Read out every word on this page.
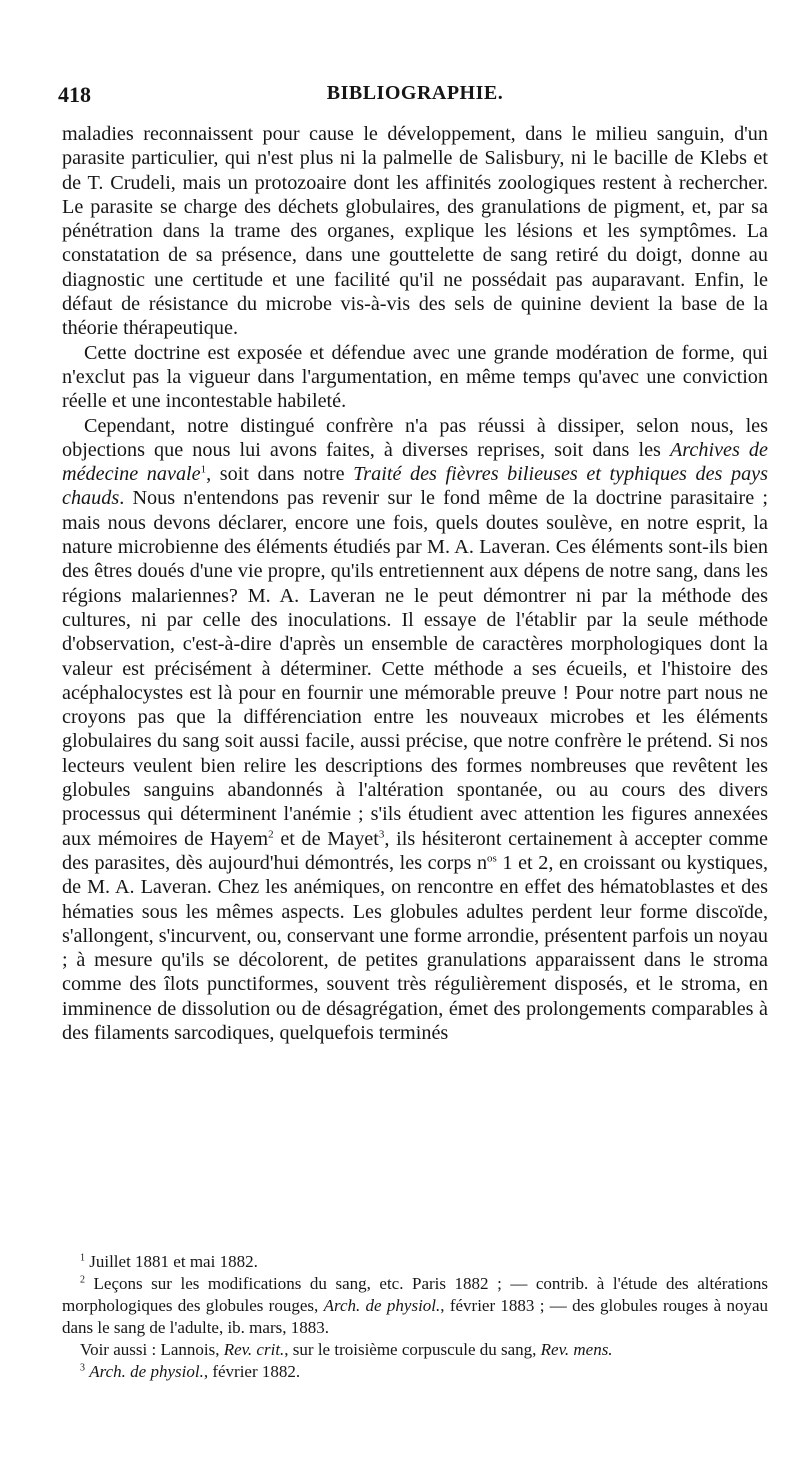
418	BIBLIOGRAPHIE.

maladies reconnaissent pour cause le développement, dans le milieu sanguin, d'un parasite particulier, qui n'est plus ni la palmelle de Salisbury, ni le bacille de Klebs et de T. Crudeli, mais un protozoaire dont les affinités zoologiques restent à rechercher. Le parasite se charge des déchets globulaires, des granulations de pigment, et, par sa pénétration dans la trame des organes, explique les lésions et les symptômes. La constatation de sa présence, dans une gouttelette de sang retiré du doigt, donne au diagnostic une certitude et une facilité qu'il ne possédait pas auparavant. Enfin, le défaut de résistance du microbe vis-à-vis des sels de quinine devient la base de la théorie thérapeutique.

Cette doctrine est exposée et défendue avec une grande modération de forme, qui n'exclut pas la vigueur dans l'argumentation, en même temps qu'avec une conviction réelle et une incontestable habileté.

Cependant, notre distingué confrère n'a pas réussi à dissiper, selon nous, les objections que nous lui avons faites, à diverses reprises, soit dans les Archives de médecine navale$^1$, soit dans notre Traité des fièvres bilieuses et typhiques des pays chauds. Nous n'entendons pas revenir sur le fond même de la doctrine parasitaire ; mais nous devons déclarer, encore une fois, quels doutes soulève, en notre esprit, la nature microbienne des éléments étudiés par M. A. Laveran. Ces éléments sont-ils bien des êtres doués d'une vie propre, qu'ils entretiennent aux dépens de notre sang, dans les régions malariennes? M. A. Laveran ne le peut démontrer ni par la méthode des cultures, ni par celle des inoculations. Il essaye de l'établir par la seule méthode d'observation, c'est-à-dire d'après un ensemble de caractères morphologiques dont la valeur est précisément à déterminer. Cette méthode a ses écueils, et l'histoire des acéphalocystes est là pour en fournir une mémorable preuve ! Pour notre part nous ne croyons pas que la différenciation entre les nouveaux microbes et les éléments globulaires du sang soit aussi facile, aussi précise, que notre confrère le prétend. Si nos lecteurs veulent bien relire les descriptions des formes nombreuses que revêtent les globules sanguins abandonnés à l'altération spontanée, ou au cours des divers processus qui déterminent l'anémie ; s'ils étudient avec attention les figures annexées aux mémoires de Hayem$^2$ et de Mayet$^3$, ils hésiteront certainement à accepter comme des parasites, dès aujourd'hui démontrés, les corps n$^{os}$ 1 et 2, en croissant ou kystiques, de M. A. Laveran. Chez les anémiques, on rencontre en effet des hématoblastes et des hématies sous les mêmes aspects. Les globules adultes perdent leur forme discoïde, s'allongent, s'incurvent, ou, conservant une forme arrondie, présentent parfois un noyau ; à mesure qu'ils se décolorent, de petites granulations apparaissent dans le stroma comme des îlots punctiformes, souvent très régulièrement disposés, et le stroma, en imminence de dissolution ou de désagrégation, émet des prolongements comparables à des filaments sarcodiques, quelquefois terminés

$^1$ Juillet 1881 et mai 1882.

$^2$ Leçons sur les modifications du sang, etc. Paris 1882 ; — contrib. à l'étude des altérations morphologiques des globules rouges, Arch. de physiol., février 1883 ; — des globules rouges à noyau dans le sang de l'adulte, ib. mars, 1883.

Voir aussi : Lannois, Rev. crit., sur le troisième corpuscule du sang, Rev. mens.

$^3$ Arch. de physiol., février 1882.
